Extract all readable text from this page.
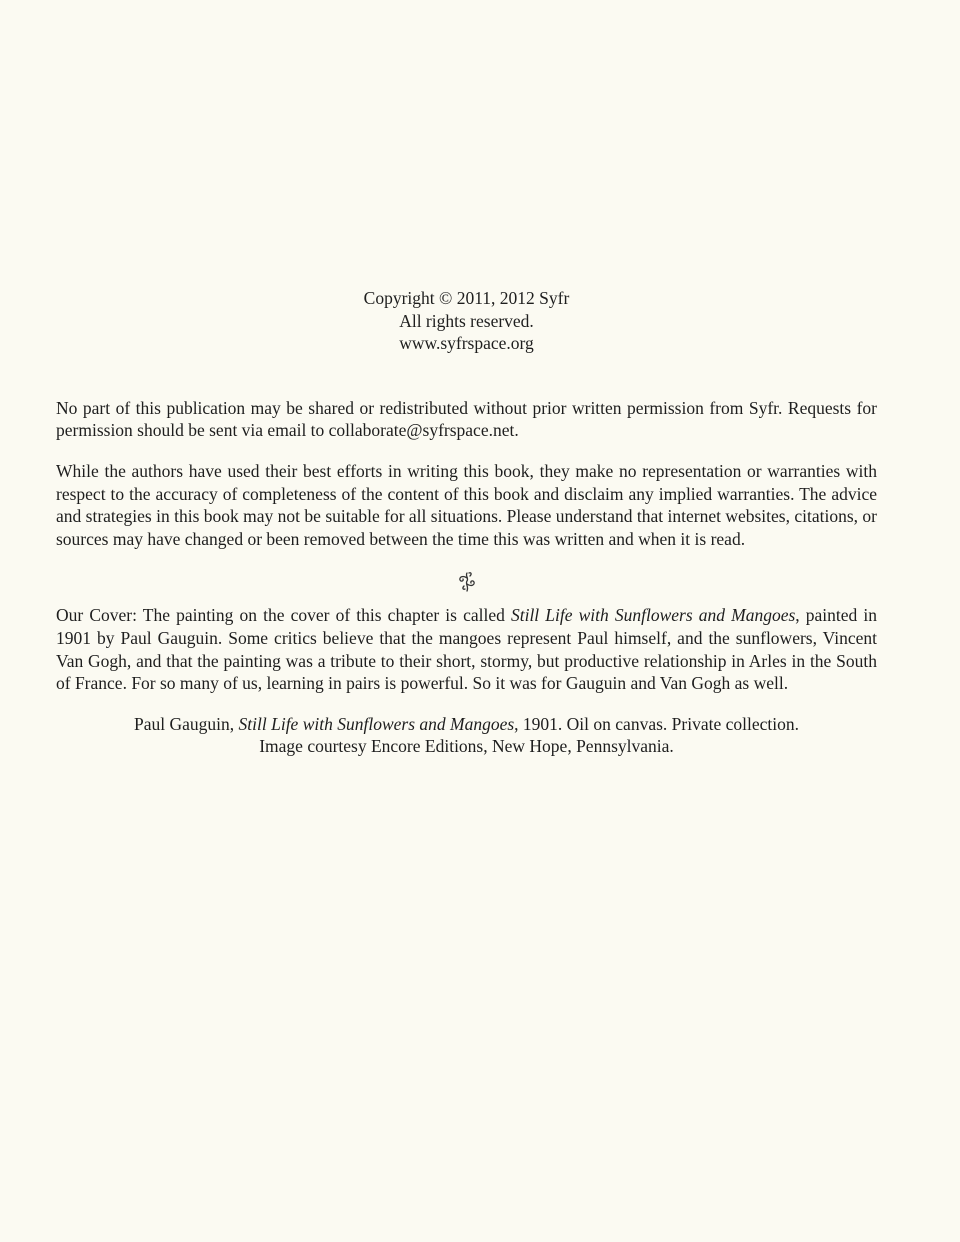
Copyright © 2011, 2012 Syfr
All rights reserved.
www.syfrspace.org

No part of this publication may be shared or redistributed without prior written permission from Syfr. Requests for permission should be sent via email to collaborate@syfrspace.net.

While the authors have used their best efforts in writing this book, they make no representation or warranties with respect to the accuracy of completeness of the content of this book and disclaim any implied warranties. The advice and strategies in this book may not be suitable for all situations. Please understand that internet websites, citations, or sources may have changed or been removed between the time this was written and when it is read.

Our Cover: The painting on the cover of this chapter is called Still Life with Sunflowers and Mangoes, painted in 1901 by Paul Gauguin. Some critics believe that the mangoes represent Paul himself, and the sunflowers, Vincent Van Gogh, and that the painting was a tribute to their short, stormy, but productive relationship in Arles in the South of France. For so many of us, learning in pairs is powerful. So it was for Gauguin and Van Gogh as well.

Paul Gauguin, Still Life with Sunflowers and Mangoes, 1901. Oil on canvas. Private collection.
Image courtesy Encore Editions, New Hope, Pennsylvania.
